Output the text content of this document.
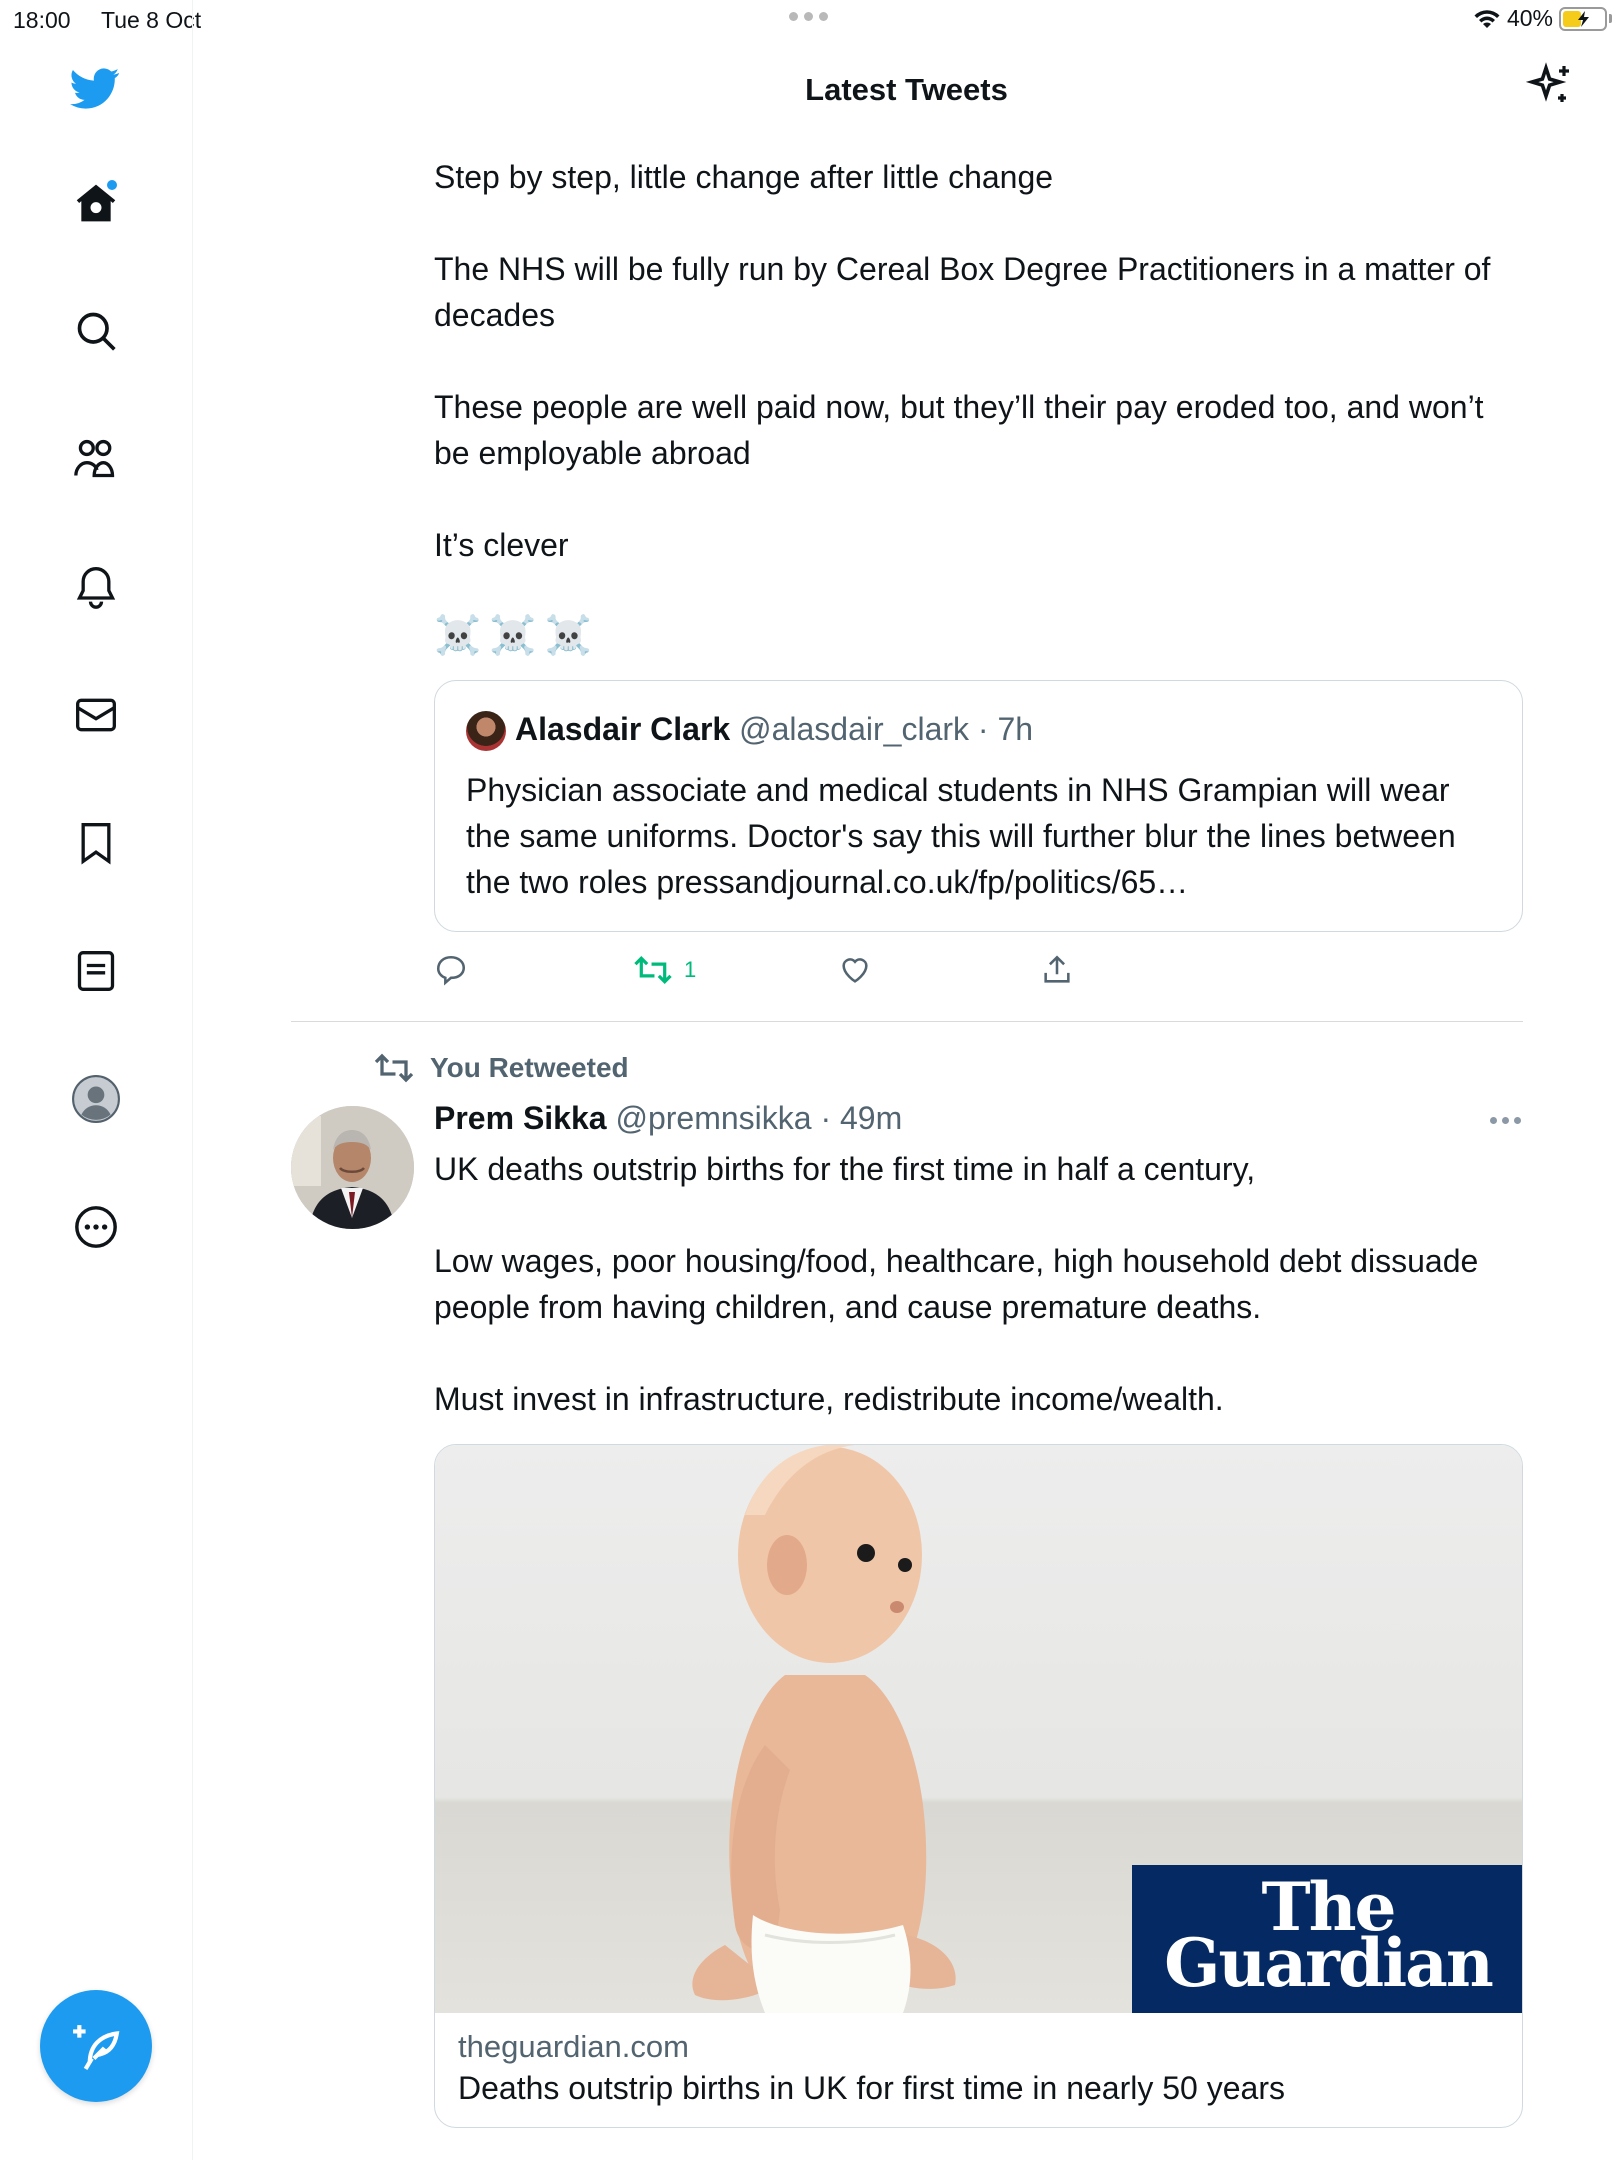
18:00 Tue 8 Oct	40%
Latest Tweets
Step by step, little change after little change
The NHS will be fully run by Cereal Box Degree Practitioners in a matter of decades
These people are well paid now, but they’ll their pay eroded too, and won’t be employable abroad
It’s clever
☠️☠️☠️
Alasdair Clark @alasdair_clark · 7h
Physician associate and medical students in NHS Grampian will wear the same uniforms. Doctor's say this will further blur the lines between the two roles pressandjournal.co.uk/fp/politics/65…
1
You Retweeted
Prem Sikka @premnsikka · 49m
UK deaths outstrip births for the first time in half a century,
Low wages, poor housing/food, healthcare, high household debt dissuade people from having children, and cause premature deaths.
Must invest in infrastructure, redistribute income/wealth.
The
Guardian
theguardian.com
Deaths outstrip births in UK for first time in nearly 50 years
